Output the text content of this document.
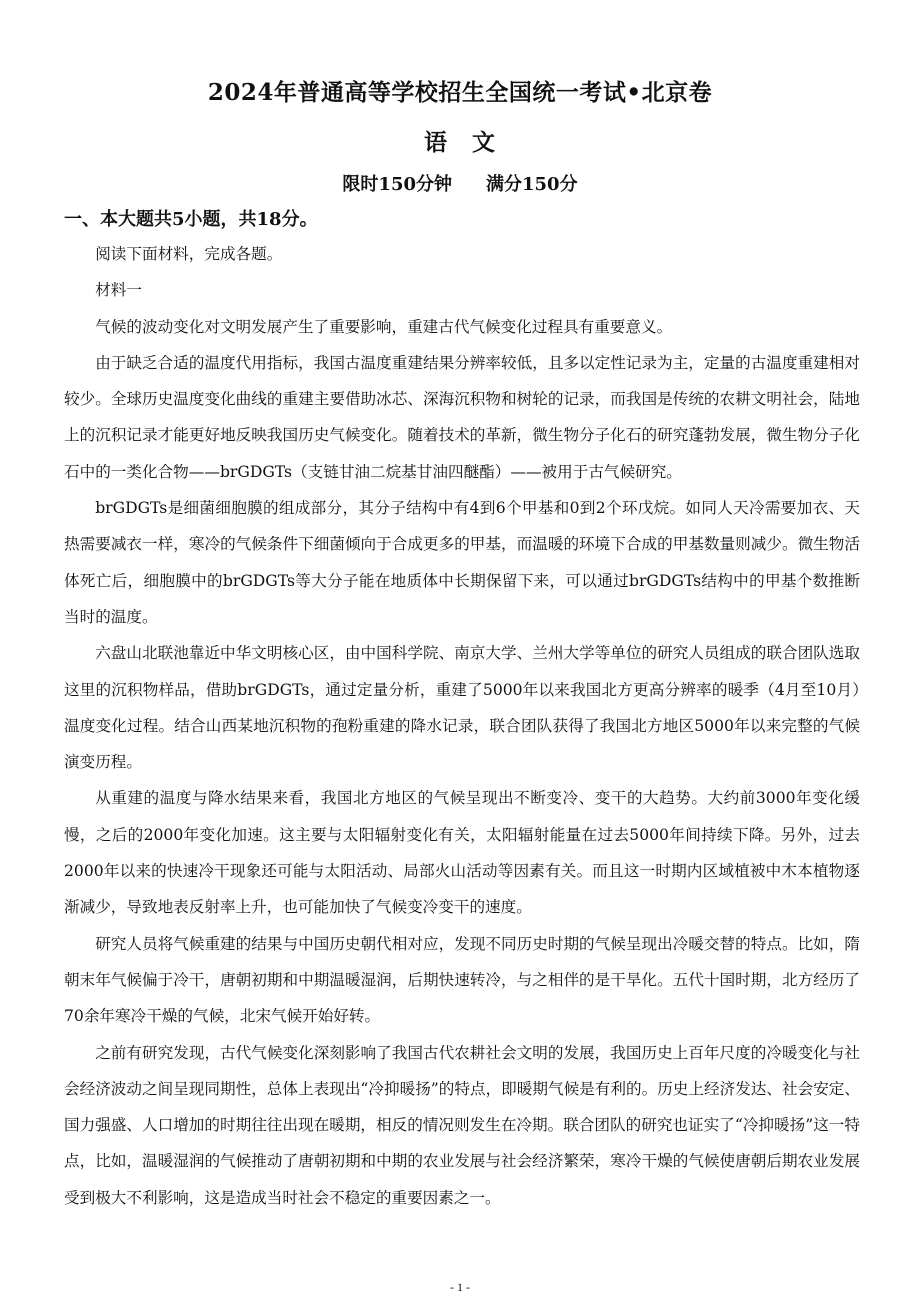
2024年普通高等学校招生全国统一考试•北京卷
语　文
限时150分钟 满分150分
一、本大题共5小题，共18分。

阅读下面材料，完成各题。

材料一

气候的波动变化对文明发展产生了重要影响，重建古代气候变化过程具有重要意义。

由于缺乏合适的温度代用指标，我国古温度重建结果分辨率较低，且多以定性记录为主，定量的古温度重建相对较少。全球历史温度变化曲线的重建主要借助冰芯、深海沉积物和树轮的记录，而我国是传统的农耕文明社会，陆地上的沉积记录才能更好地反映我国历史气候变化。随着技术的革新，微生物分子化石的研究蓬勃发展，微生物分子化石中的一类化合物——brGDGTs（支链甘油二烷基甘油四醚酯）——被用于古气候研究。

brGDGTs是细菌细胞膜的组成部分，其分子结构中有4到6个甲基和0到2个环戊烷。如同人天冷需要加衣、天热需要减衣一样，寒冷的气候条件下细菌倾向于合成更多的甲基，而温暖的环境下合成的甲基数量则减少。微生物活体死亡后，细胞膜中的brGDGTs等大分子能在地质体中长期保留下来，可以通过brGDGTs结构中的甲基个数推断当时的温度。

六盘山北联池靠近中华文明核心区，由中国科学院、南京大学、兰州大学等单位的研究人员组成的联合团队选取这里的沉积物样品，借助brGDGTs，通过定量分析，重建了5000年以来我国北方更高分辨率的暖季（4月至10月）温度变化过程。结合山西某地沉积物的孢粉重建的降水记录，联合团队获得了我国北方地区5000年以来完整的气候演变历程。

从重建的温度与降水结果来看，我国北方地区的气候呈现出不断变冷、变干的大趋势。大约前3000年变化缓慢，之后的2000年变化加速。这主要与太阳辐射变化有关，太阳辐射能量在过去5000年间持续下降。另外，过去2000年以来的快速冷干现象还可能与太阳活动、局部火山活动等因素有关。而且这一时期内区域植被中木本植物逐渐减少，导致地表反射率上升，也可能加快了气候变冷变干的速度。

研究人员将气候重建的结果与中国历史朝代相对应，发现不同历史时期的气候呈现出冷暖交替的特点。比如，隋朝末年气候偏于冷干，唐朝初期和中期温暖湿润，后期快速转冷，与之相伴的是干旱化。五代十国时期，北方经历了70余年寒冷干燥的气候，北宋气候开始好转。

之前有研究发现，古代气候变化深刻影响了我国古代农耕社会文明的发展，我国历史上百年尺度的冷暖变化与社会经济波动之间呈现同期性，总体上表现出“冷抑暖扬”的特点，即暖期气候是有利的。历史上经济发达、社会安定、国力强盛、人口增加的时期往往出现在暖期，相反的情况则发生在冷期。联合团队的研究也证实了“冷抑暖扬”这一特点，比如，温暖湿润的气候推动了唐朝初期和中期的农业发展与社会经济繁荣，寒冷干燥的气候使唐朝后期农业发展受到极大不利影响，这是造成当时社会不稳定的重要因素之一。

- 1 -
